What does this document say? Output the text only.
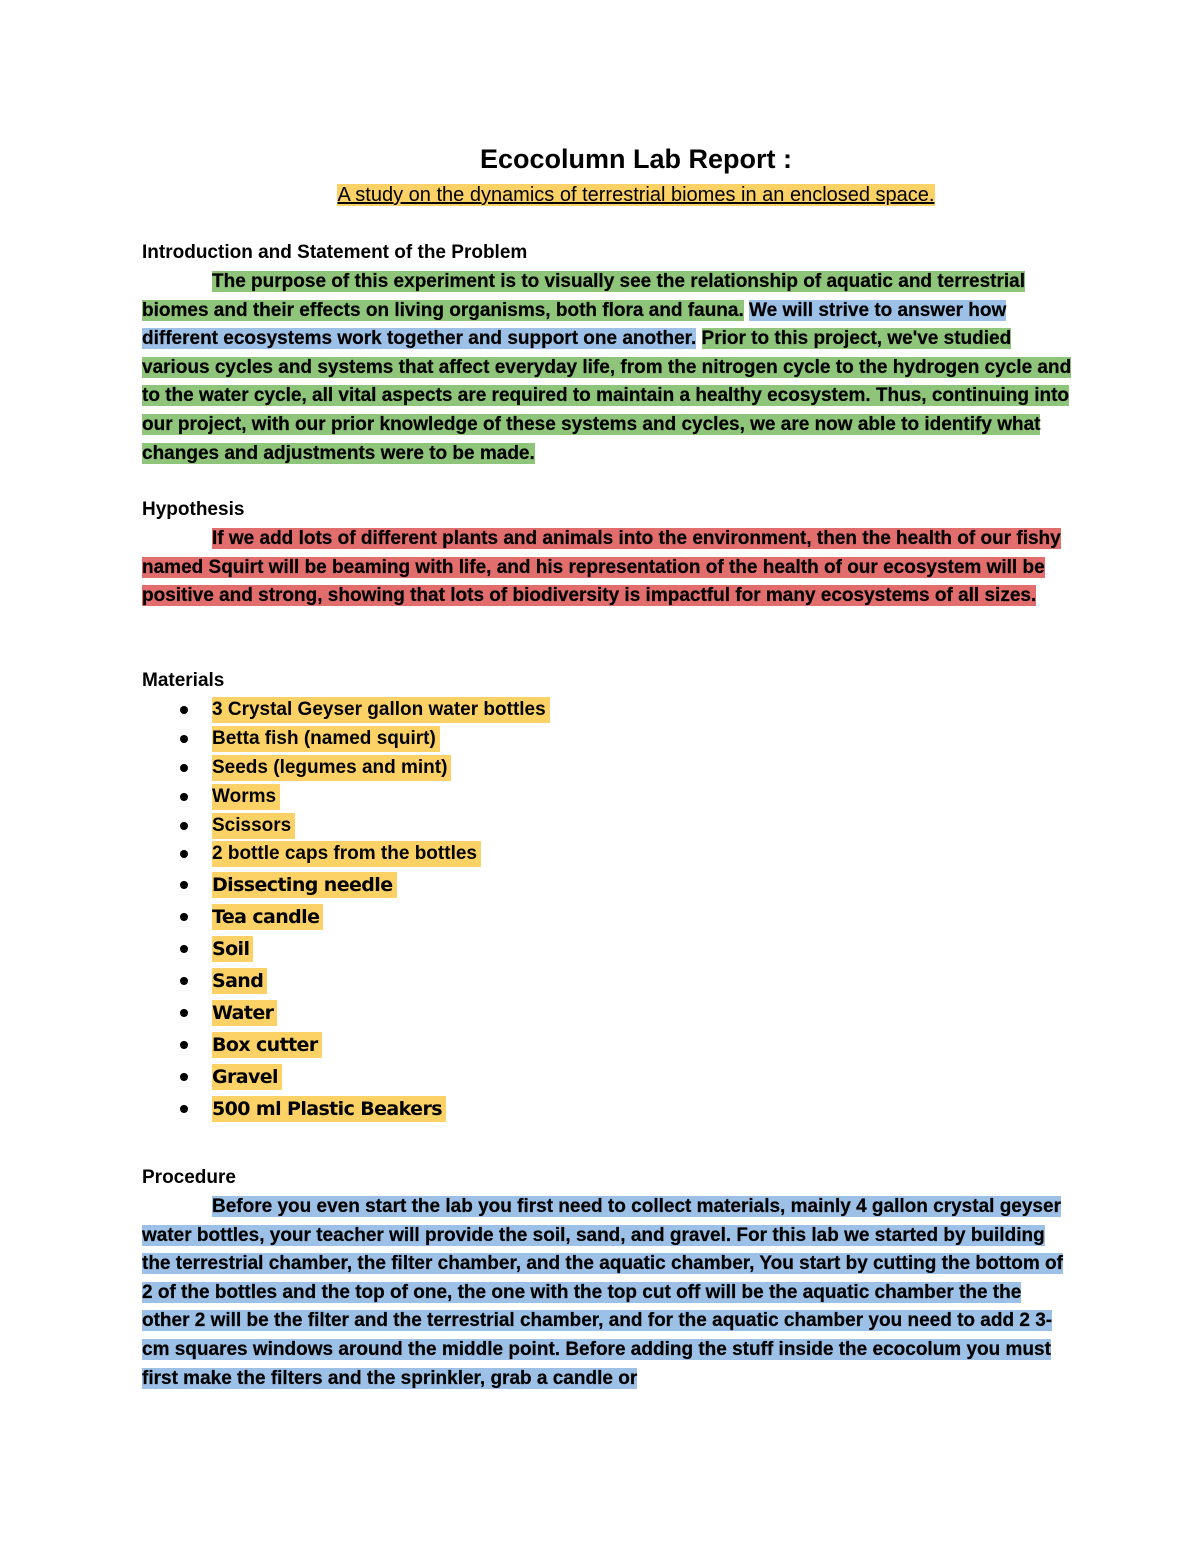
Ecocolumn Lab Report :
A study on the dynamics of terrestrial biomes in an enclosed space.
Introduction and Statement of the Problem
The purpose of this experiment is to visually see the relationship of aquatic and terrestrial biomes and their effects on living organisms, both flora and fauna. We will strive to answer how different ecosystems work together and support one another. Prior to this project, we've studied various cycles and systems that affect everyday life, from the nitrogen cycle to the hydrogen cycle and to the water cycle, all vital aspects are required to maintain a healthy ecosystem. Thus, continuing into our project, with our prior knowledge of these systems and cycles, we are now able to identify what changes and adjustments were to be made.
Hypothesis
If we add lots of different plants and animals into the environment, then the health of our fishy named Squirt will be beaming with life, and his representation of the health of our ecosystem will be positive and strong, showing that lots of biodiversity is impactful for many ecosystems of all sizes.
Materials
3 Crystal Geyser gallon water bottles
Betta fish (named squirt)
Seeds (legumes and mint)
Worms
Scissors
2 bottle caps from the bottles
Dissecting needle
Tea candle
Soil
Sand
Water
Box cutter
Gravel
500 ml Plastic Beakers
Procedure
Before you even start the lab you first need to collect materials, mainly 4 gallon crystal geyser water bottles, your teacher will provide the soil, sand, and gravel. For this lab we started by building the terrestrial chamber, the filter chamber, and the aquatic chamber, You start by cutting the bottom of 2 of the bottles and the top of one, the one with the top cut off will be the aquatic chamber the the other 2 will be the filter and the terrestrial chamber, and for the aquatic chamber you need to add 2 3-cm squares windows around the middle point. Before adding the stuff inside the ecocolum you must first make the filters and the sprinkler, grab a candle or
